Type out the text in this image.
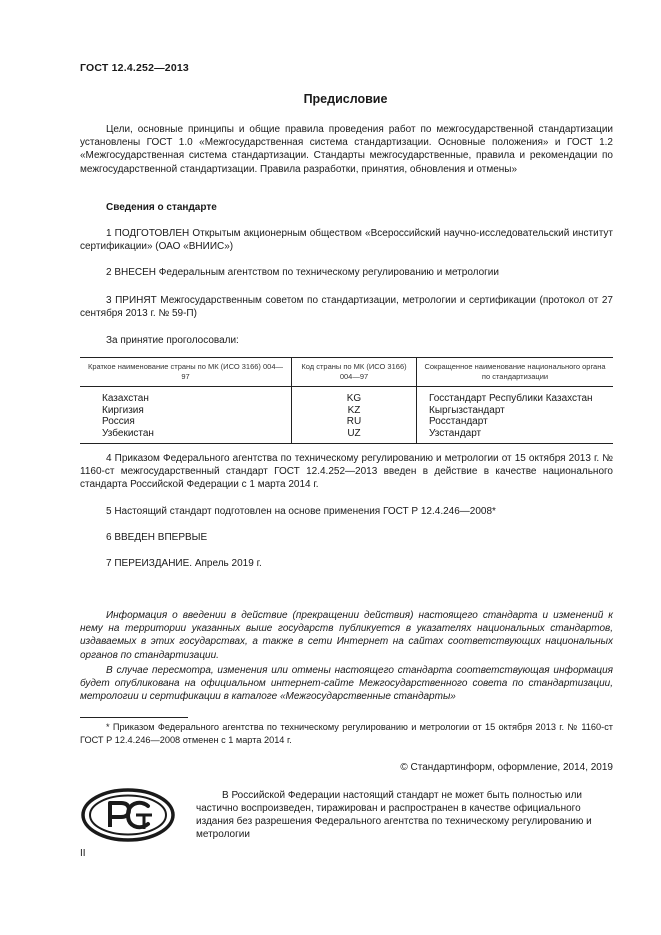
ГОСТ 12.4.252—2013
Предисловие
Цели, основные принципы и общие правила проведения работ по межгосударственной стандартизации установлены ГОСТ 1.0 «Межгосударственная система стандартизации. Основные положения» и ГОСТ 1.2 «Межгосударственная система стандартизации. Стандарты межгосударственные, правила и рекомендации по межгосударственной стандартизации. Правила разработки, принятия, обновления и отмены»
Сведения о стандарте
1 ПОДГОТОВЛЕН Открытым акционерным обществом «Всероссийский научно-исследовательский институт сертификации» (ОАО «ВНИИС»)
2 ВНЕСЕН Федеральным агентством по техническому регулированию и метрологии
3 ПРИНЯТ Межгосударственным советом по стандартизации, метрологии и сертификации (протокол от 27 сентября 2013 г. № 59-П)
За принятие проголосовали:
Краткое наименование страны по МК (ИСО 3166) 004—97	Код страны по МК (ИСО 3166) 004—97	Сокращенное наименование национального органа по стандартизации
Казахстан	KG	Госстандарт Республики Казахстан
Киргизия	KZ	Кыргызстандарт
Россия	RU	Росстандарт
Узбекистан	UZ	Узстандарт
4 Приказом Федерального агентства по техническому регулированию и метрологии от 15 октября 2013 г. № 1160-ст межгосударственный стандарт ГОСТ 12.4.252—2013 введен в действие в качестве национального стандарта Российской Федерации с 1 марта 2014 г.
5 Настоящий стандарт подготовлен на основе применения ГОСТ Р 12.4.246—2008*
6 ВВЕДЕН ВПЕРВЫЕ
7 ПЕРЕИЗДАНИЕ. Апрель 2019 г.
Информация о введении в действие (прекращении действия) настоящего стандарта и изменений к нему на территории указанных выше государств публикуется в указателях национальных стандартов, издаваемых в этих государствах, а также в сети Интернет на сайтах соответствующих национальных органов по стандартизации.
В случае пересмотра, изменения или отмены настоящего стандарта соответствующая информация будет опубликована на официальном интернет-сайте Межгосударственного совета по стандартизации, метрологии и сертификации в каталоге «Межгосударственные стандарты»
* Приказом Федерального агентства по техническому регулированию и метрологии от 15 октября 2013 г. № 1160-ст ГОСТ Р 12.4.246—2008 отменен с 1 марта 2014 г.
© Стандартинформ, оформление, 2014, 2019
В Российской Федерации настоящий стандарт не может быть полностью или частично воспроизведен, тиражирован и распространен в качестве официального издания без разрешения Федерального агентства по техническому регулированию и метрологии
II
